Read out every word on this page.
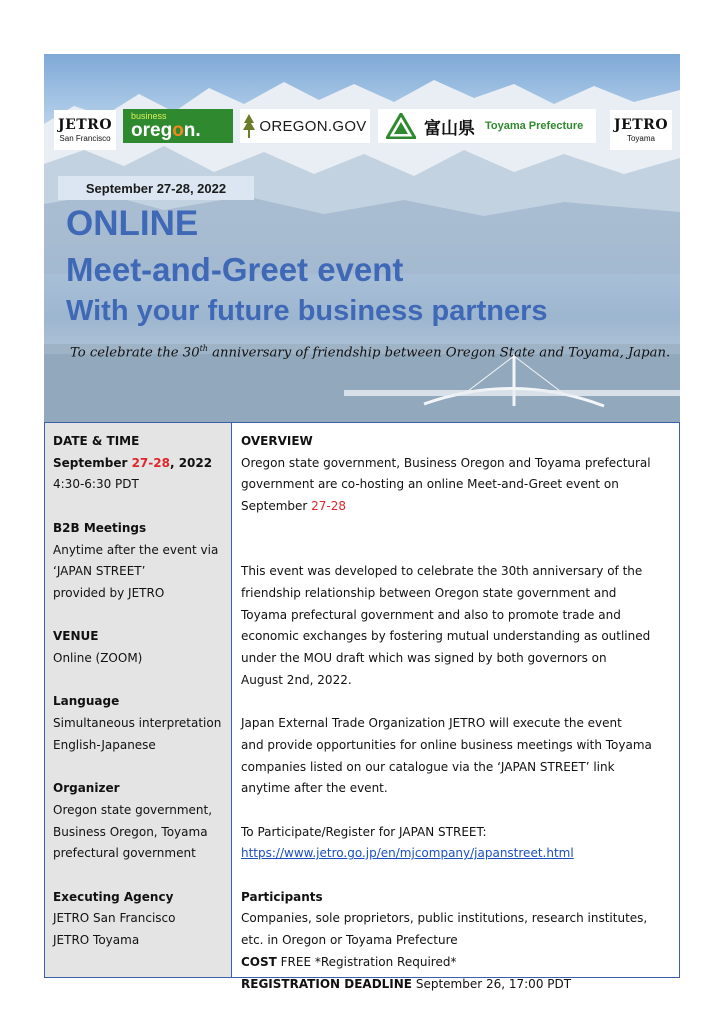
JETRO
San Francisco
business
oregon.	OREGON.GOV	富山県 Toyama Prefecture JETRO
Toyama
September 27-28, 2022
ONLINE
Meet-and-Greet event
With your future business partners
To celebrate the 30th anniversary of friendship between Oregon State and Toyama, Japan.
DATE & TIME
September 27-28, 2022
4:30-6:30 PDT
B2B Meetings
Anytime after the event via
‘JAPAN STREET’
provided by JETRO
VENUE
Online (ZOOM)
Language
Simultaneous interpretation
English-Japanese
Organizer
Oregon state government,
Business Oregon, Toyama
prefectural government
Executing Agency
JETRO San Francisco
JETRO Toyama
OVERVIEW
Oregon state government, Business Oregon and Toyama prefectural
government are co-hosting an online Meet-and-Greet event on
September 27-28
This event was developed to celebrate the 30th anniversary of the
friendship relationship between Oregon state government and
Toyama prefectural government and also to promote trade and
economic exchanges by fostering mutual understanding as outlined
under the MOU draft which was signed by both governors on
August 2nd, 2022.
Japan External Trade Organization JETRO will execute the event
and provide opportunities for online business meetings with Toyama
companies listed on our catalogue via the ‘JAPAN STREET’ link
anytime after the event.
To Participate/Register for JAPAN STREET:
https://www.jetro.go.jp/en/mjcompany/japanstreet.html
Participants
Companies, sole proprietors, public institutions, research institutes,
etc. in Oregon or Toyama Prefecture
COST FREE *Registration Required*
REGISTRATION DEADLINE September 26, 17:00 PDT
